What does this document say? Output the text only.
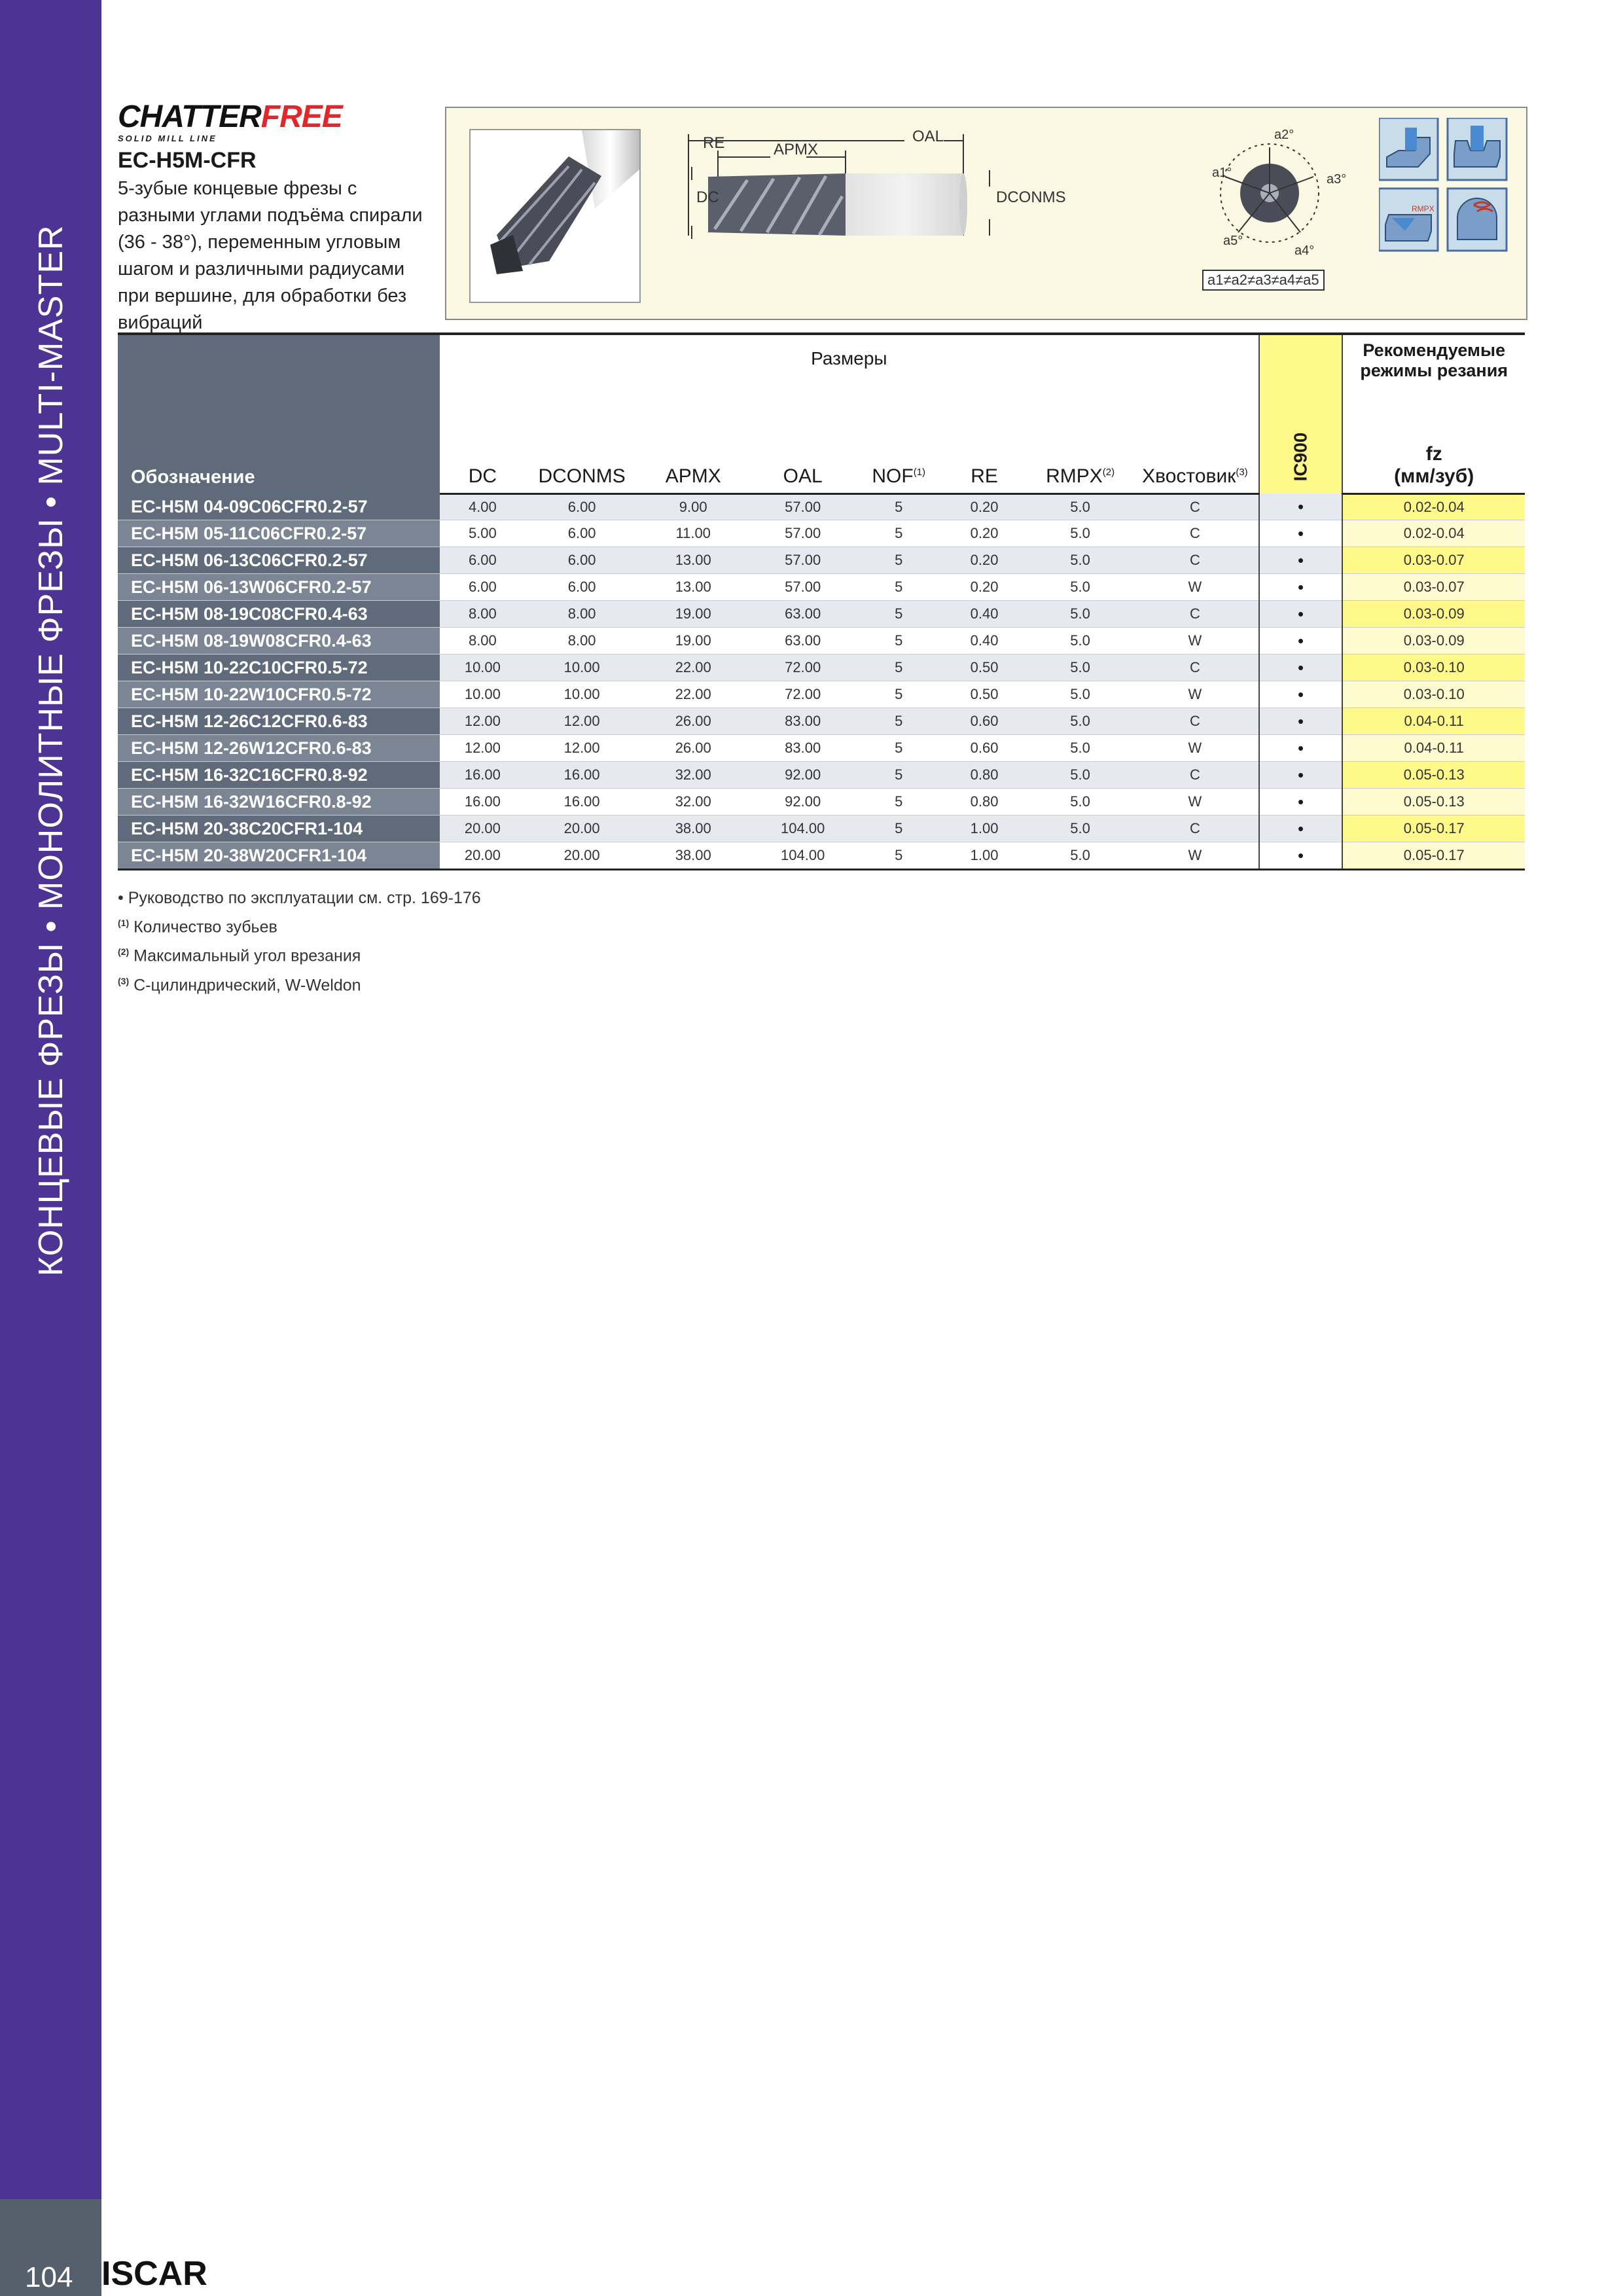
КОНЦЕВЫЕ ФРЕЗЫ • МОНОЛИТНЫЕ ФРЕЗЫ • MULTI-MASTER
104 ISCAR
CHATTERFREE
SOLID MILL LINE
EC-H5M-CFR
5-зубые концевые фрезы с разными углами подъёма спирали (36 - 38°), переменным угловым шагом и различными радиусами при вершине, для обработки без вибраций
RE	APMX
OAL
DC	DCONMS
a2°
a1°	a3°
a5°
a4°
a1≠a2≠a3≠a4≠a5
RMPX
Обозначение	Размеры								IC900	Рекомендуемые режимы резания
	DC	DCONMS	APMX	OAL	NOF$^{(1)}$	RE	RMPX$^{(2)}$	Хвостовик$^{(3)}$		fz
(мм/зуб)

EC-H5M 04-09C06CFR0.2-57	4.00	6.00	9.00	57.00	5	0.20	5.0	C	•	0.02-0.04
EC-H5M 05-11C06CFR0.2-57	5.00	6.00	11.00	57.00	5	0.20	5.0	C	•	0.02-0.04
EC-H5M 06-13C06CFR0.2-57	6.00	6.00	13.00	57.00	5	0.20	5.0	C	•	0.03-0.07
EC-H5M 06-13W06CFR0.2-57	6.00	6.00	13.00	57.00	5	0.20	5.0	W	•	0.03-0.07
EC-H5M 08-19C08CFR0.4-63	8.00	8.00	19.00	63.00	5	0.40	5.0	C	•	0.03-0.09
EC-H5M 08-19W08CFR0.4-63	8.00	8.00	19.00	63.00	5	0.40	5.0	W	•	0.03-0.09
EC-H5M 10-22C10CFR0.5-72	10.00	10.00	22.00	72.00	5	0.50	5.0	C	•	0.03-0.10
EC-H5M 10-22W10CFR0.5-72	10.00	10.00	22.00	72.00	5	0.50	5.0	W	•	0.03-0.10
EC-H5M 12-26C12CFR0.6-83	12.00	12.00	26.00	83.00	5	0.60	5.0	C	•	0.04-0.11
EC-H5M 12-26W12CFR0.6-83	12.00	12.00	26.00	83.00	5	0.60	5.0	W	•	0.04-0.11
EC-H5M 16-32C16CFR0.8-92	16.00	16.00	32.00	92.00	5	0.80	5.0	C	•	0.05-0.13
EC-H5M 16-32W16CFR0.8-92	16.00	16.00	32.00	92.00	5	0.80	5.0	W	•	0.05-0.13
EC-H5M 20-38C20CFR1-104	20.00	20.00	38.00	104.00	5	1.00	5.0	C	•	0.05-0.17
EC-H5M 20-38W20CFR1-104	20.00	20.00	38.00	104.00	5	1.00	5.0	W	•	0.05-0.17
• Руководство по эксплуатации см. стр. 169-176
$^{(1)}$ Количество зубьев
$^{(2)}$ Максимальный угол врезания
$^{(3)}$ C-цилиндрический, W-Weldon
